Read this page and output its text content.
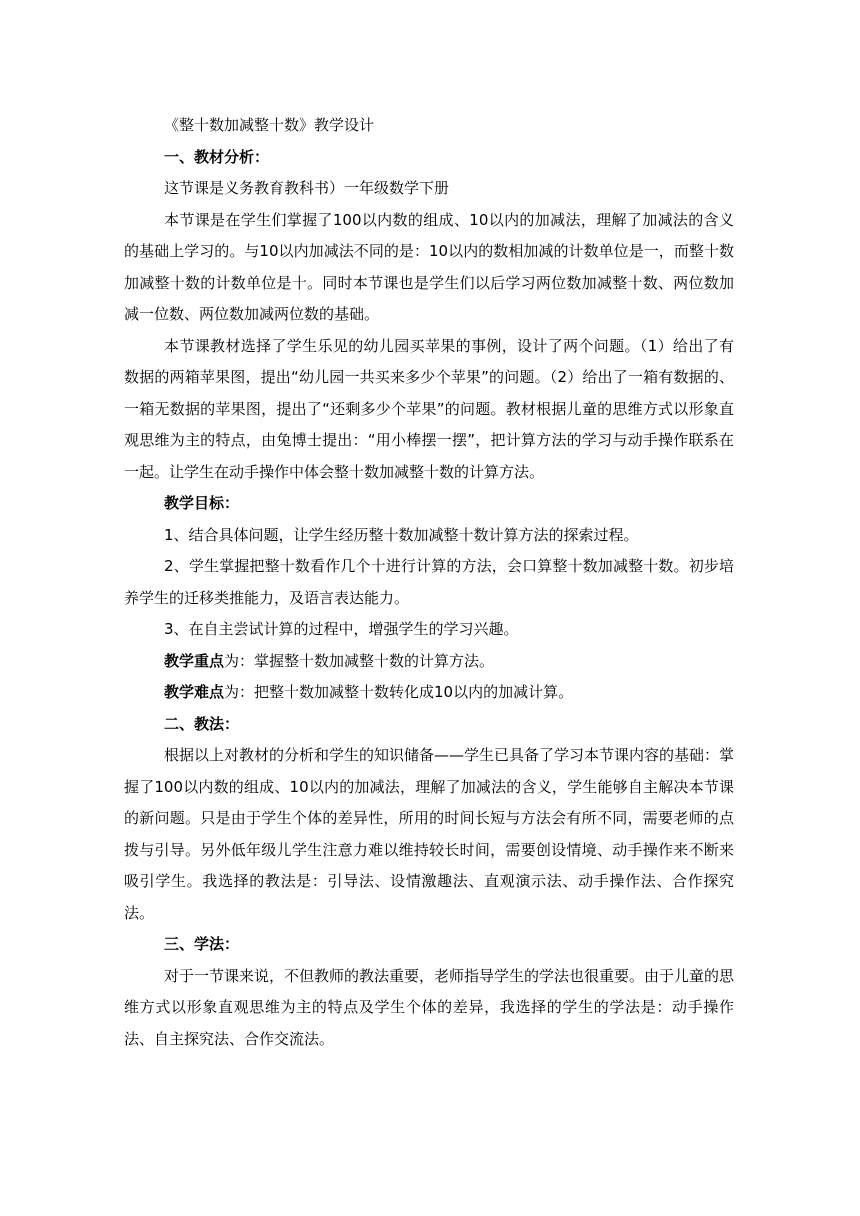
《整十数加减整十数》教学设计

一、教材分析：

这节课是义务教育教科书）一年级数学下册

本节课是在学生们掌握了100以内数的组成、10以内的加减法，理解了加减法的含义的基础上学习的。与10以内加减法不同的是：10以内的数相加减的计数单位是一，而整十数加减整十数的计数单位是十。同时本节课也是学生们以后学习两位数加减整十数、两位数加减一位数、两位数加减两位数的基础。

本节课教材选择了学生乐见的幼儿园买苹果的事例，设计了两个问题。（1）给出了有数据的两箱苹果图，提出“幼儿园一共买来多少个苹果”的问题。（2）给出了一箱有数据的、一箱无数据的苹果图，提出了“还剩多少个苹果”的问题。教材根据儿童的思维方式以形象直观思维为主的特点，由兔博士提出：“用小棒摆一摆”，把计算方法的学习与动手操作联系在一起。让学生在动手操作中体会整十数加减整十数的计算方法。

教学目标：

1、结合具体问题，让学生经历整十数加减整十数计算方法的探索过程。

2、学生掌握把整十数看作几个十进行计算的方法，会口算整十数加减整十数。初步培养学生的迁移类推能力，及语言表达能力。

3、在自主尝试计算的过程中，增强学生的学习兴趣。

教学重点为：掌握整十数加减整十数的计算方法。

教学难点为：把整十数加减整十数转化成10以内的加减计算。

二、教法：

根据以上对教材的分析和学生的知识储备——学生已具备了学习本节课内容的基础：掌握了100以内数的组成、10以内的加减法，理解了加减法的含义，学生能够自主解决本节课的新问题。只是由于学生个体的差异性，所用的时间长短与方法会有所不同，需要老师的点拨与引导。另外低年级儿学生注意力难以维持较长时间，需要创设情境、动手操作来不断来吸引学生。我选择的教法是：引导法、设情激趣法、直观演示法、动手操作法、合作探究法。

三、学法：

对于一节课来说，不但教师的教法重要，老师指导学生的学法也很重要。由于儿童的思维方式以形象直观思维为主的特点及学生个体的差异，我选择的学生的学法是：动手操作法、自主探究法、合作交流法。
